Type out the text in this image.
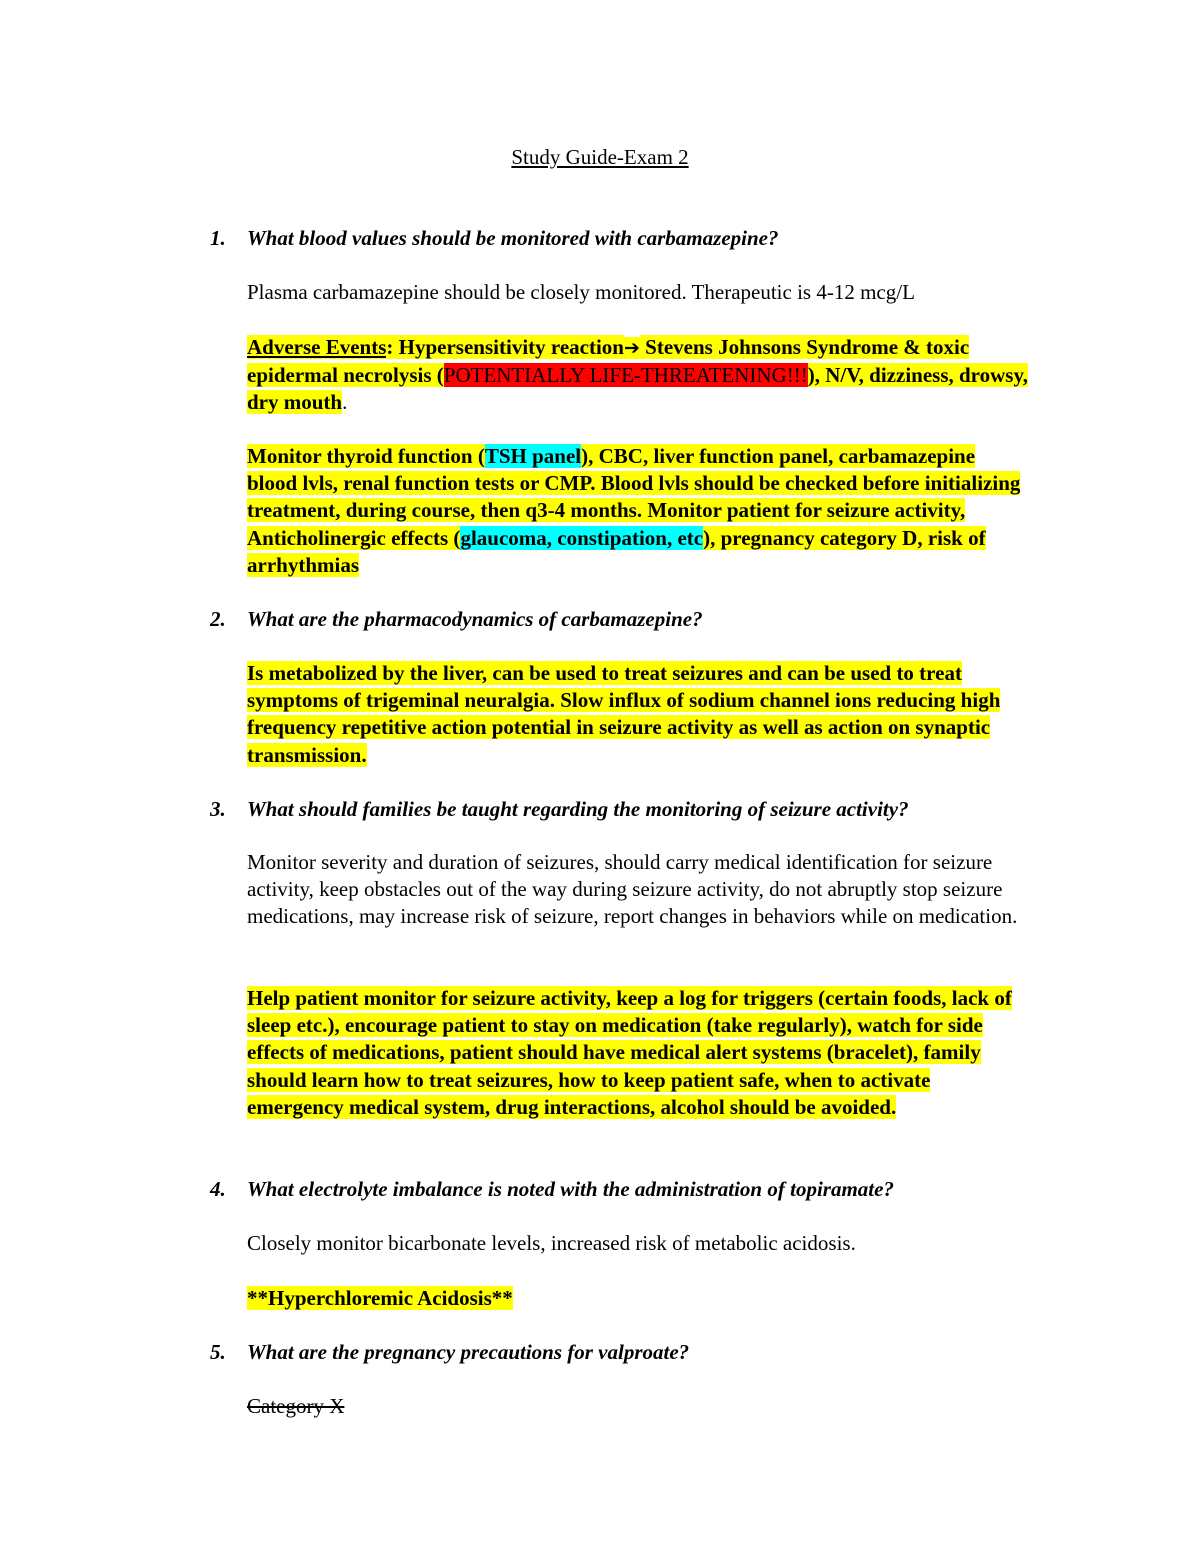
Study Guide-Exam 2
1. What blood values should be monitored with carbamazepine?
Plasma carbamazepine should be closely monitored. Therapeutic is 4-12 mcg/L
Adverse Events: Hypersensitivity reaction➔ Stevens Johnsons Syndrome & toxic epidermal necrolysis (POTENTIALLY LIFE-THREATENING!!!), N/V, dizziness, drowsy, dry mouth.
Monitor thyroid function (TSH panel), CBC, liver function panel, carbamazepine blood lvls, renal function tests or CMP. Blood lvls should be checked before initializing treatment, during course, then q3-4 months. Monitor patient for seizure activity, Anticholinergic effects (glaucoma, constipation, etc), pregnancy category D, risk of arrhythmias
2. What are the pharmacodynamics of carbamazepine?
Is metabolized by the liver, can be used to treat seizures and can be used to treat symptoms of trigeminal neuralgia. Slow influx of sodium channel ions reducing high frequency repetitive action potential in seizure activity as well as action on synaptic transmission.
3. What should families be taught regarding the monitoring of seizure activity?
Monitor severity and duration of seizures, should carry medical identification for seizure activity, keep obstacles out of the way during seizure activity, do not abruptly stop seizure medications, may increase risk of seizure, report changes in behaviors while on medication.
Help patient monitor for seizure activity, keep a log for triggers (certain foods, lack of sleep etc.), encourage patient to stay on medication (take regularly), watch for side effects of medications, patient should have medical alert systems (bracelet), family should learn how to treat seizures, how to keep patient safe, when to activate emergency medical system, drug interactions, alcohol should be avoided.
4. What electrolyte imbalance is noted with the administration of topiramate?
Closely monitor bicarbonate levels, increased risk of metabolic acidosis.
**Hyperchloremic Acidosis**
5. What are the pregnancy precautions for valproate?
Category X
